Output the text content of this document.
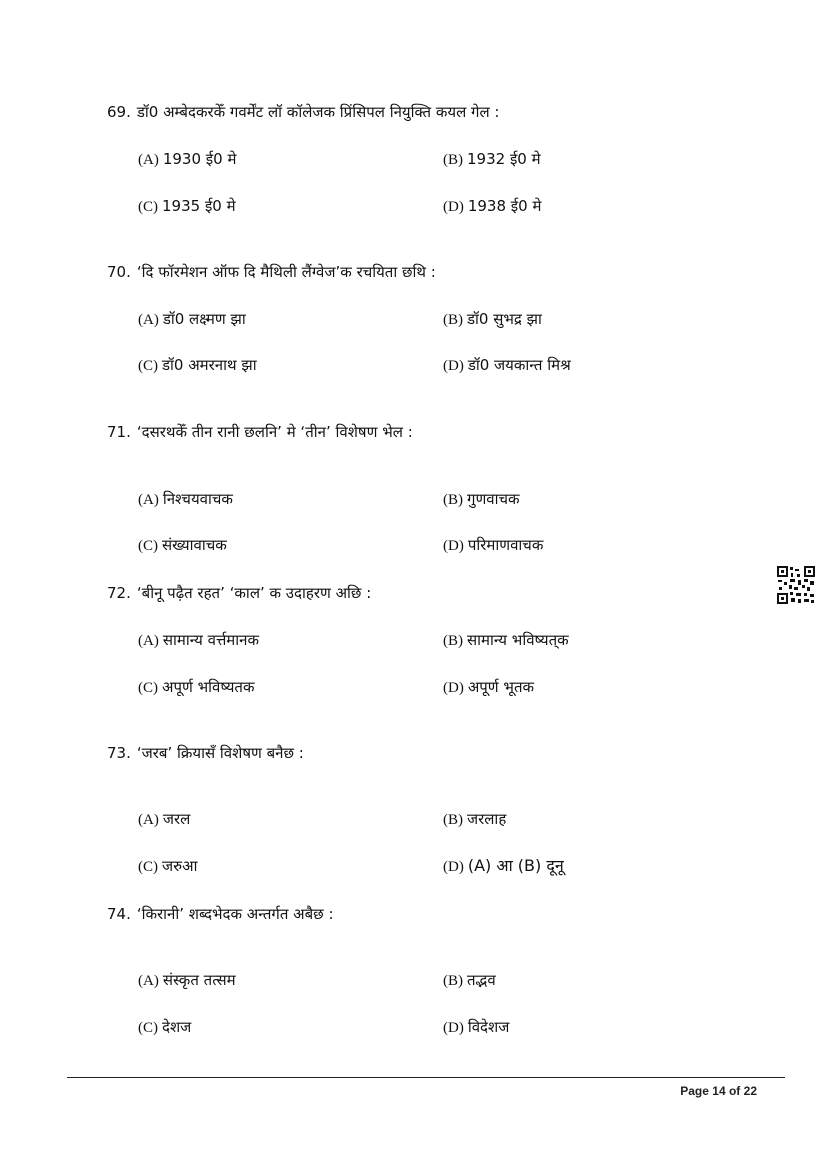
69. डॉ0 अम्बेदकरकेँ गवर्मेंट लॉ कॉलेजक प्रिंसिपल नियुक्ति कयल गेल :
(A) 1930 ई0 मे	(B) 1932 ई0 मे
(C) 1935 ई0 मे	(D) 1938 ई0 मे
70. ‘दि फॉरमेशन ऑफ दि मैथिली लैंग्वेज’क रचयिता छथि :
(A) डॉ0 लक्ष्मण झा	(B) डॉ0 सुभद्र झा
(C) डॉ0 अमरनाथ झा	(D) डॉ0 जयकान्त मिश्र
71. ‘दसरथकेँ तीन रानी छलनि’ मे ‘तीन’ विशेषण भेल :
(A) निश्चयवाचक	(B) गुणवाचक
(C) संख्यावाचक	(D) परिमाणवाचक
72. ‘बीनू पढ़ैत रहत’ ‘काल’ क उदाहरण अछि :
(A) सामान्य वर्त्तमानक	(B) सामान्य भविष्यत्‌क
(C) अपूर्ण भविष्यतक	(D) अपूर्ण भूतक
73. ‘जरब’ क्रियासँ विशेषण बनैछ :
(A) जरल	(B) जरलाह
(C) जरुआ	(D) (A) आ (B) दूनू
74. ‘किरानी’ शब्दभेदक अन्तर्गत अबैछ :
(A) संस्कृत तत्सम	(B) तद्भव
(C) देशज	(D) विदेशज
Page 14 of 22
